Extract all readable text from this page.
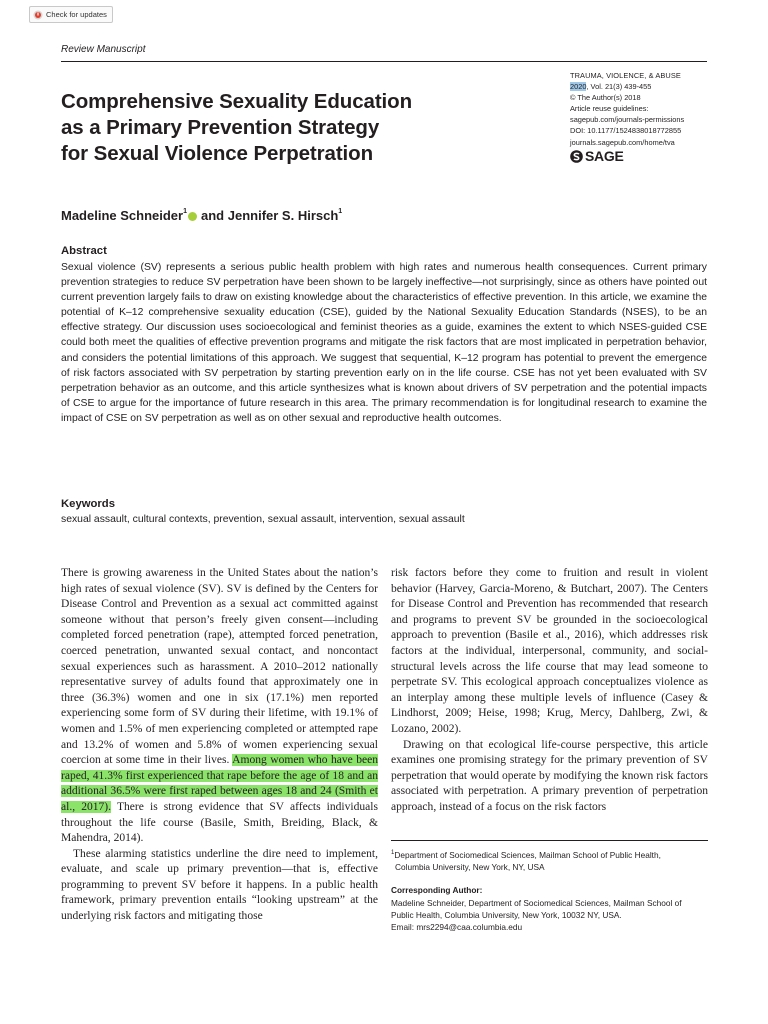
Check for updates
Review Manuscript
Comprehensive Sexuality Education
as a Primary Prevention Strategy
for Sexual Violence Perpetration
TRAUMA, VIOLENCE, & ABUSE
2020, Vol. 21(3) 439-455
© The Author(s) 2018
Article reuse guidelines:
sagepub.com/journals-permissions
DOI: 10.1177/1524838018772855
journals.sagepub.com/home/tva
SAGE
Madeline Schneider$^1$ and
Jennifer S. Hirsch$^1$
Abstract
Sexual violence (SV) represents a serious public health problem with high rates and numerous health consequences. Current primary prevention strategies to reduce SV perpetration have been shown to be largely ineffective—not surprisingly, since as others have pointed out current prevention largely fails to draw on existing knowledge about the characteristics of effective prevention. In this article, we examine the potential of K–12 comprehensive sexuality education (CSE), guided by the National Sexuality Education Standards (NSES), to be an effective strategy. Our discussion uses socioecological and feminist theories as a guide, examines the extent to which NSES-guided CSE could both meet the qualities of effective prevention programs and mitigate the risk factors that are most implicated in perpetration behavior, and considers the potential limitations of this approach. We suggest that sequential, K–12 program has potential to prevent the emergence of risk factors associated with SV perpetration by starting prevention early on in the life course. CSE has not yet been evaluated with SV perpetration behavior as an outcome, and this article synthesizes what is known about drivers of SV perpetration and the potential impacts of CSE to argue for the importance of future research in this area. The primary recommendation is for longitudinal research to examine the impact of CSE on SV perpetration as well as on other sexual and reproductive health outcomes.
Keywords
sexual assault, cultural contexts, prevention, sexual assault, intervention, sexual assault

There is growing awareness in the United States about the nation’s high rates of sexual violence (SV). SV is defined by the Centers for Disease Control and Prevention as a sexual act committed against someone without that person’s freely given consent—including completed forced penetration (rape), attempted forced penetration, coerced penetration, unwanted sexual contact, and noncontact sexual experiences such as harassment. A 2010–2012 nationally representative survey of adults found that approximately one in three (36.3%) women and one in six (17.1%) men reported experiencing some form of SV during their lifetime, with 19.1% of women and 1.5% of men experiencing completed or attempted rape and 13.2% of women and 5.8% of women experiencing sexual coercion at some time in their lives. Among women who have been raped, 41.3% first experienced that rape before the age of 18 and an additional 36.5% were first raped between ages 18 and 24 (Smith et al., 2017). There is strong evidence that SV affects individuals throughout the life course (Basile, Smith, Breiding, Black, & Mahendra, 2014).

These alarming statistics underline the dire need to implement, evaluate, and scale up primary prevention—that is, effective programming to prevent SV before it happens. In a public health framework, primary prevention entails “looking upstream” at the underlying risk factors and mitigating those

risk factors before they come to fruition and result in violent behavior (Harvey, Garcia-Moreno, & Butchart, 2007). The Centers for Disease Control and Prevention has recommended that research and programs to prevent SV be grounded in the socioecological approach to prevention (Basile et al., 2016), which addresses risk factors at the individual, interpersonal, community, and social-structural levels across the life course that may lead someone to perpetrate SV. This ecological approach conceptualizes violence as an interplay among these multiple levels of influence (Casey & Lindhorst, 2009; Heise, 1998; Krug, Mercy, Dahlberg, Zwi, & Lozano, 2002).

Drawing on that ecological life-course perspective, this article examines one promising strategy for the primary prevention of SV perpetration that would operate by modifying the known risk factors associated with perpetration. A primary prevention of perpetration approach, instead of a focus on the risk factors

$^1$Department of Sociomedical Sciences, Mailman School of Public Health,
Columbia University, New York, NY, USA
Corresponding Author:
Madeline Schneider, Department of Sociomedical Sciences, Mailman School of
Public Health, Columbia University, New York, 10032 NY, USA.
Email: mrs2294@caa.columbia.edu
